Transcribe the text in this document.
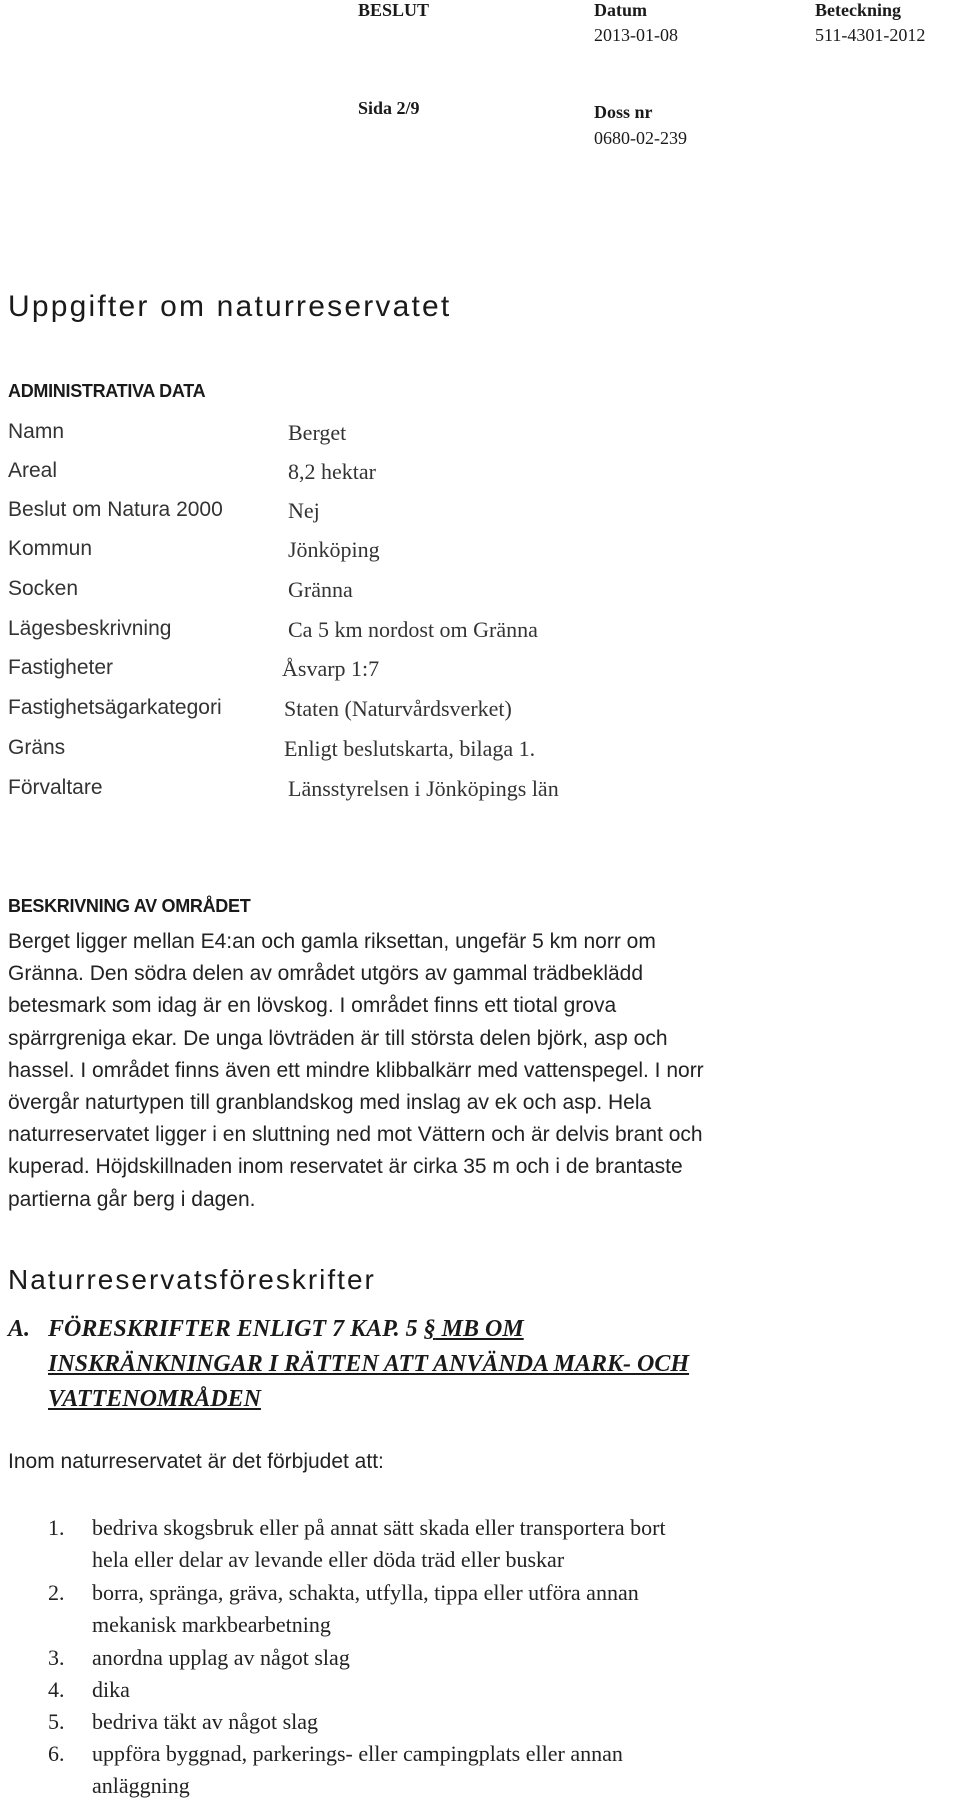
BESLUT	Datum
2013-01-08
Beteckning
511-4301-2012
Sida 2/9	Doss nr
0680-02-239
Uppgifter om naturreservatet
ADMINISTRATIVA DATA
Namn	Berget
Areal	8,2 hektar
Beslut om Natura 2000	Nej
Kommun	Jönköping
Socken	Gränna
Lägesbeskrivning	Ca 5 km nordost om Gränna
Fastigheter	Åsvarp 1:7
Fastighetsägarkategori	Staten (Naturvårdsverket)
Gräns	Enligt beslutskarta, bilaga 1.
Förvaltare	Länsstyrelsen i Jönköpings län
BESKRIVNING AV OMRÅDET
Berget ligger mellan E4:an och gamla riksettan, ungefär 5 km norr om
Gränna. Den södra delen av området utgörs av gammal trädbeklädd
betesmark som idag är en lövskog. I området finns ett tiotal grova
spärrgreniga ekar. De unga lövträden är till största delen björk, asp och
hassel. I området finns även ett mindre klibbalkärr med vattenspegel. I norr
övergår naturtypen till granblandskog med inslag av ek och asp. Hela
naturreservatet ligger i en sluttning ned mot Vättern och är delvis brant och
kuperad. Höjdskillnaden inom reservatet är cirka 35 m och i de brantaste
partierna går berg i dagen.
Naturreservatsföreskrifter
A. FÖRESKRIFTER ENLIGT 7 KAP. 5 § MB OM
INSKRÄNKNINGAR I RÄTTEN ATT ANVÄNDA MARK- OCH
VATTENOMRÅDEN
Inom naturreservatet är det förbjudet att:
1.	bedriva skogsbruk eller på annat sätt skada eller transportera bort
hela eller delar av levande eller döda träd eller buskar
2.	borra, spränga, gräva, schakta, utfylla, tippa eller utföra annan
mekanisk markbearbetning
3.	anordna upplag av något slag
4.	dika
5.	bedriva täkt av något slag
6.	uppföra byggnad, parkerings- eller campingplats eller annan
anläggning
